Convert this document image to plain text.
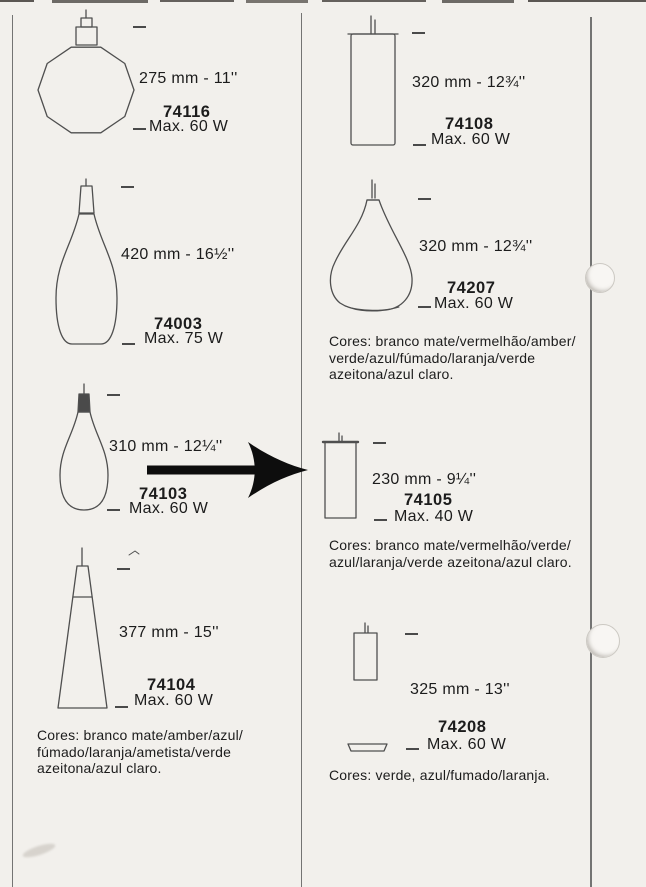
275 mm - 11''
74116
Max. 60 W
420 mm - 16½''
74003
Max. 75 W
310 mm - 12¼''
74103
Max. 60 W
377 mm - 15''
74104
Max. 60 W
Cores: branco mate/amber/azul/
fúmado/laranja/ametista/verde
azeitona/azul claro.
320 mm - 12¾''
74108
Max. 60 W
320 mm - 12¾''
74207
Max. 60 W
Cores: branco mate/vermelhão/amber/
verde/azul/fúmado/laranja/verde
azeitona/azul claro.
230 mm - 9¼''
74105
Max. 40 W
Cores: branco mate/vermelhão/verde/
azul/laranja/verde azeitona/azul claro.
325 mm - 13''
74208
Max. 60 W
Cores: verde, azul/fumado/laranja.
